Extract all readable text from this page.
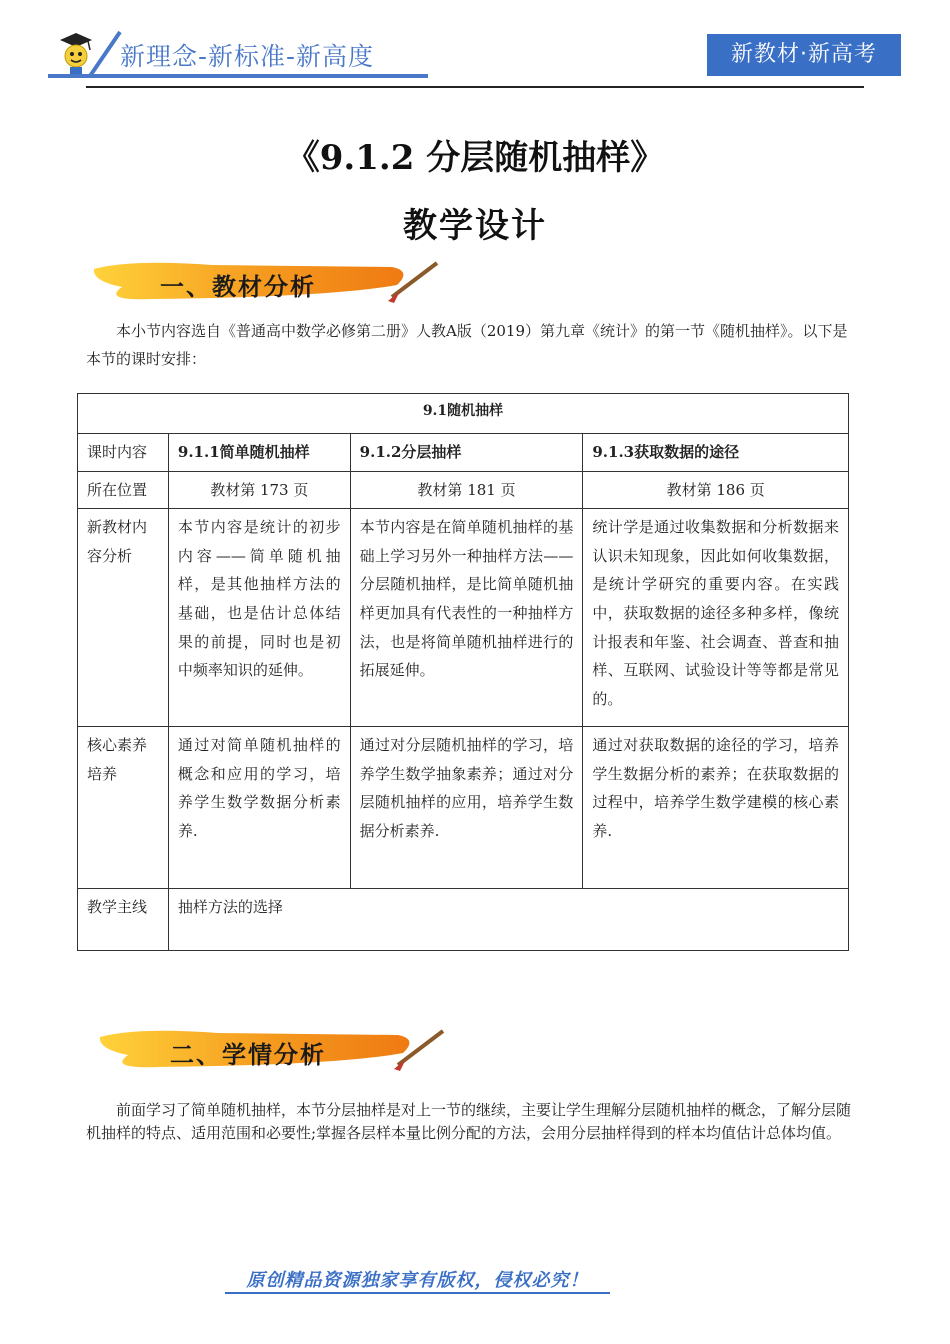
新理念-新标准-新高度	新教材·新高考
《9.1.2 分层随机抽样》
教学设计
一、教材分析
本小节内容选自《普通高中数学必修第二册》人教A版（2019）第九章《统计》的第一节《随机抽样》。以下是本节的课时安排：
9.1随机抽样			
课时内容	9.1.1简单随机抽样	9.1.2分层抽样	9.1.3获取数据的途径
所在位置	教材第 173 页	教材第 181 页	教材第 186 页
新教材内容分析	本节内容是统计的初步内容——简单随机抽样，是其他抽样方法的基础，也是估计总体结果的前提，同时也是初中频率知识的延伸。	本节内容是在简单随机抽样的基础上学习另外一种抽样方法——分层随机抽样，是比简单随机抽样更加具有代表性的一种抽样方法，也是将简单随机抽样进行的拓展延伸。	统计学是通过收集数据和分析数据来认识未知现象，因此如何收集数据，是统计学研究的重要内容。在实践中，获取数据的途径多种多样，像统计报表和年鉴、社会调查、普查和抽样、互联网、试验设计等等都是常见的。
核心素养培养	通过对简单随机抽样的概念和应用的学习，培养学生数学数据分析素养.	通过对分层随机抽样的学习，培养学生数学抽象素养；通过对分层随机抽样的应用，培养学生数据分析素养.	通过对获取数据的途径的学习，培养学生数据分析的素养；在获取数据的过程中，培养学生数学建模的核心素养.
教学主线	抽样方法的选择		
二、学情分析
前面学习了简单随机抽样，本节分层抽样是对上一节的继续，主要让学生理解分层随机抽样的概念，了解分层随机抽样的特点、适用范围和必要性;掌握各层样本量比例分配的方法，会用分层抽样得到的样本均值估计总体均值。
原创精品资源独家享有版权，侵权必究！
